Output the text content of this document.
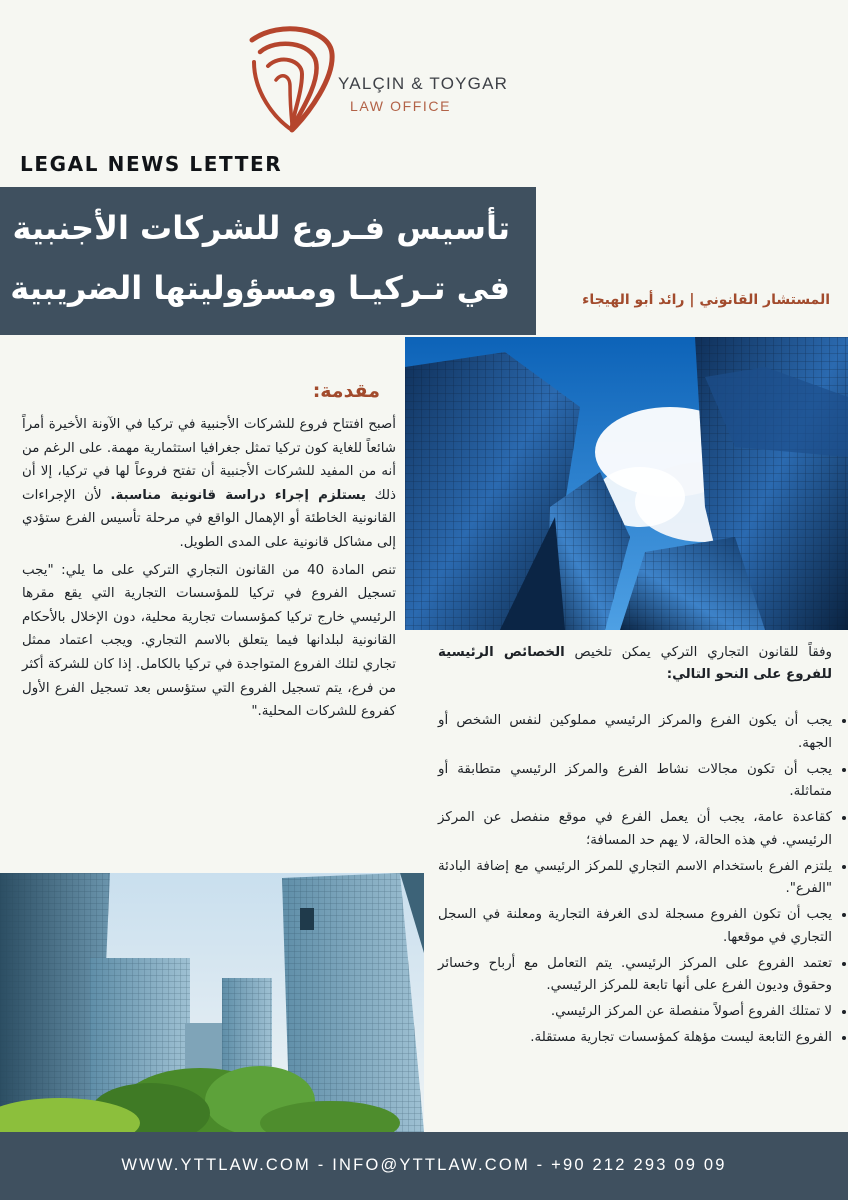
YALÇIN & TOYGAR
LAW OFFICE
LEGAL NEWS LETTER
تأسيس فـروع للشركات الأجنبية
في تـركيـا ومسؤوليتها الضريبية	المستشار القانوني | رائد أبو الهيجاء
مقدمة:

أصبح افتتاح فروع للشركات الأجنبية في تركيا في الآونة الأخيرة أمراً شائعاً للغاية كون تركيا تمثل جغرافيا استثمارية مهمة. على الرغم من أنه من المفيد للشركات الأجنبية أن تفتح فروعاً لها في تركيا، إلا أن ذلك يستلزم إجراء دراسة قانونية مناسبة. لأن الإجراءات القانونية الخاطئة أو الإهمال الواقع في مرحلة تأسيس الفرع ستؤدي إلى مشاكل قانونية على المدى الطويل.

تنص المادة 40 من القانون التجاري التركي على ما يلي: "يجب تسجيل الفروع في تركيا للمؤسسات التجارية التي يقع مقرها الرئيسي خارج تركيا كمؤسسات تجارية محلية، دون الإخلال بالأحكام القانونية لبلدانها فيما يتعلق بالاسم التجاري. ويجب اعتماد ممثل تجاري لتلك الفروع المتواجدة في تركيا بالكامل. إذا كان للشركة أكثر من فرع، يتم تسجيل الفروع التي ستؤسس بعد تسجيل الفرع الأول كفروع للشركات المحلية."

وفقاً للقانون التجاري التركي يمكن تلخيص الخصائص الرئيسية للفروع على النحو التالي:
• يجب أن يكون الفرع والمركز الرئيسي مملوكين لنفس الشخص أو الجهة.
• يجب أن تكون مجالات نشاط الفرع والمركز الرئيسي متطابقة أو متماثلة.
• كقاعدة عامة، يجب أن يعمل الفرع في موقع منفصل عن المركز الرئيسي. في هذه الحالة، لا يهم حد المسافة؛
• يلتزم الفرع باستخدام الاسم التجاري للمركز الرئيسي مع إضافة البادئة "الفرع".
• يجب أن تكون الفروع مسجلة لدى الغرفة التجارية ومعلنة في السجل التجاري في موقعها.
• تعتمد الفروع على المركز الرئيسي. يتم التعامل مع أرباح وخسائر وحقوق وديون الفرع على أنها تابعة للمركز الرئيسي.
• لا تمتلك الفروع أصولاً منفصلة عن المركز الرئيسي.
• الفروع التابعة ليست مؤهلة كمؤسسات تجارية مستقلة.
WWW.YTTLAW.COM - INFO@YTTLAW.COM - +90 212 293 09 09
